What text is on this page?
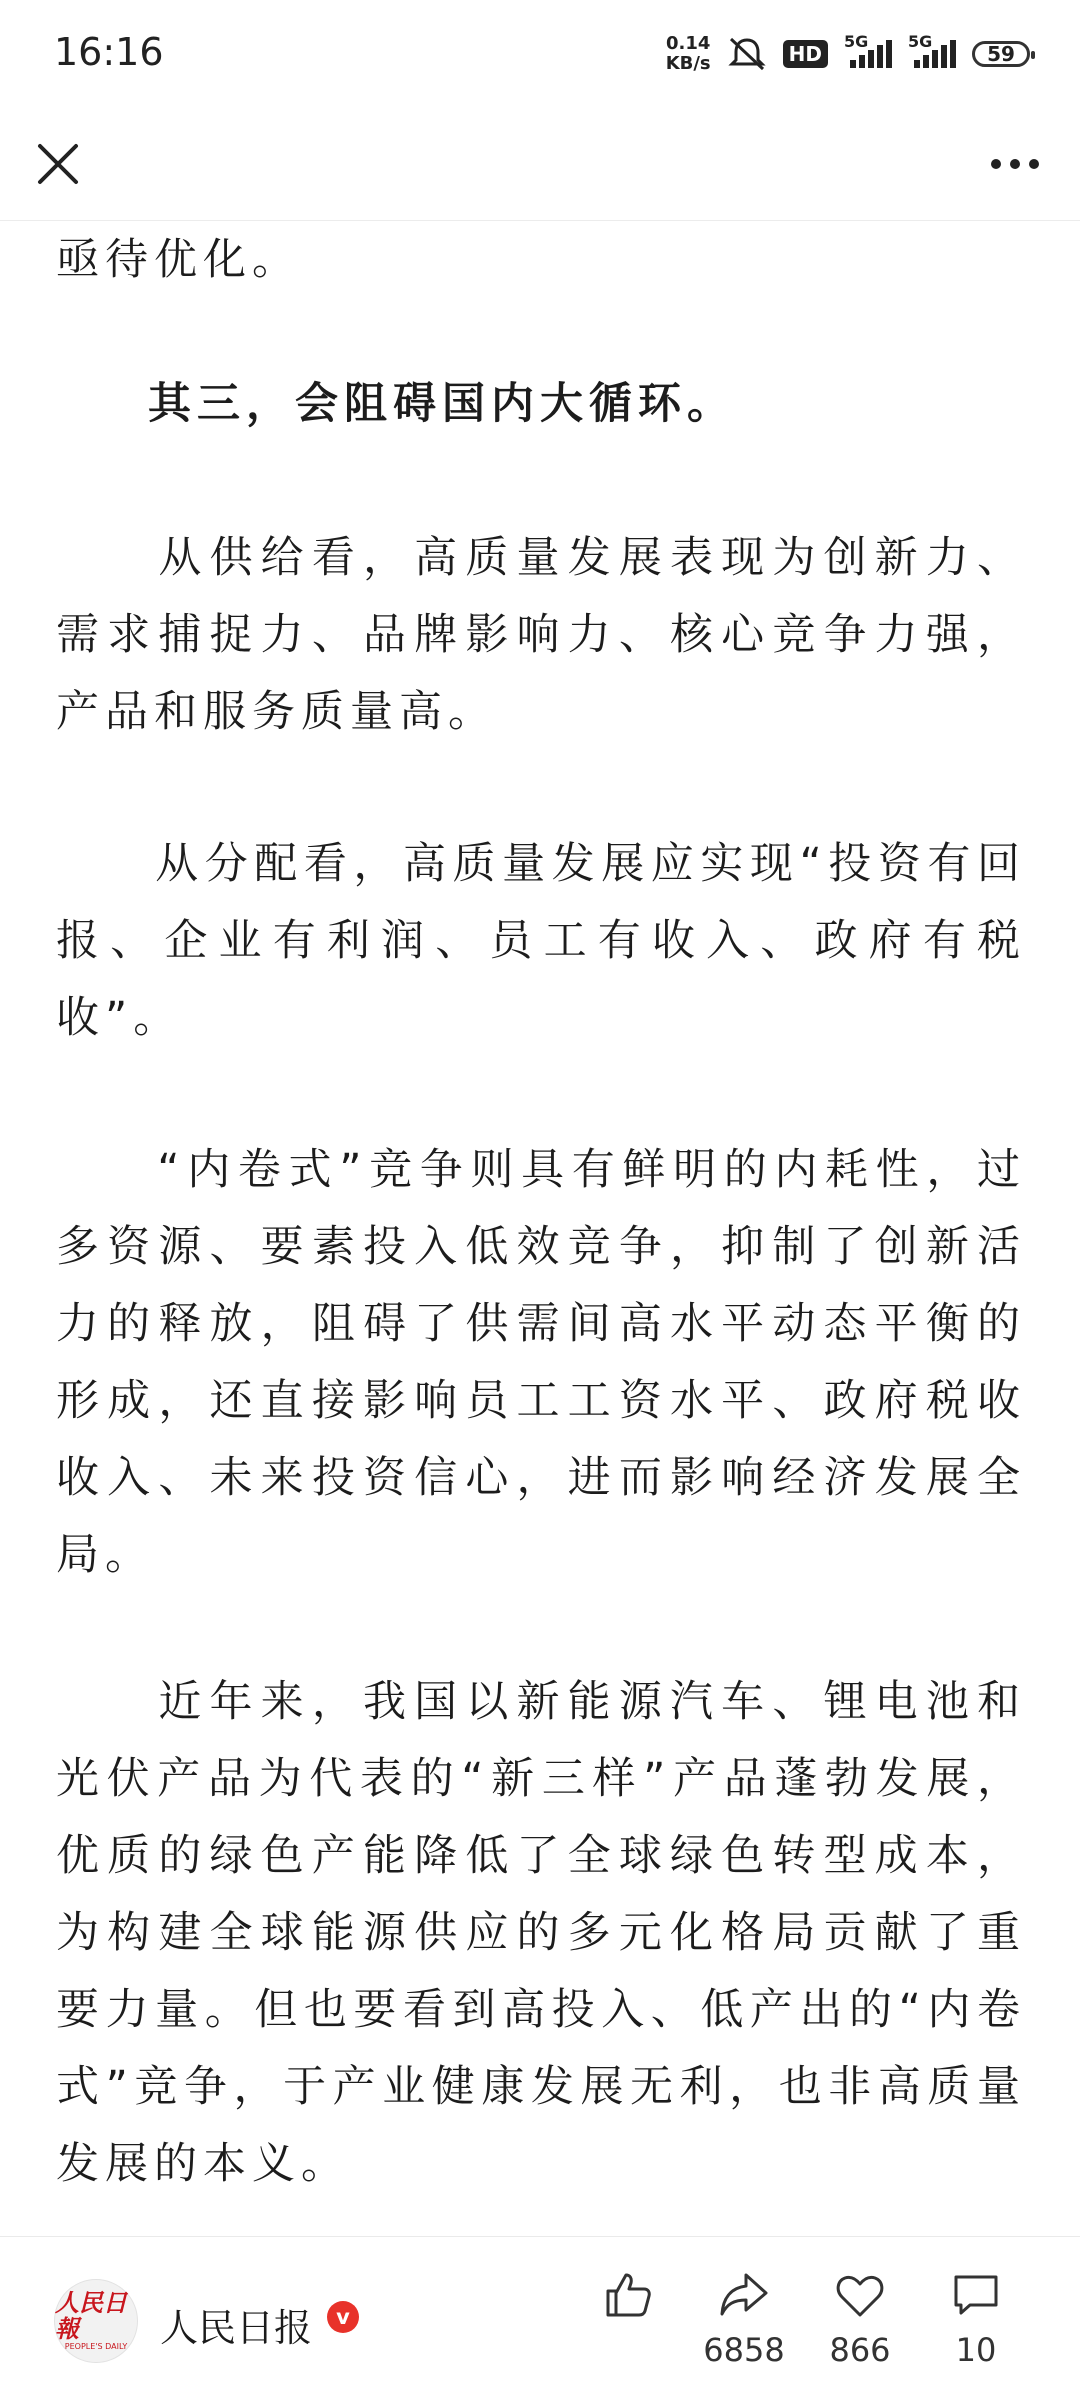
16:16	0.14
KB/s	HD
5G 5G
59

亟待优化。

其三，会阻碍国内大循环。

　　从供给看，高质量发展表现为创新力、需求捕捉力、品牌影响力、核心竞争力强，产品和服务质量高。

　　从分配看，高质量发展应实现“投资有回报、企业有利润、员工有收入、政府有税收”。

　　“内卷式”竞争则具有鲜明的内耗性，过多资源、要素投入低效竞争，抑制了创新活力的释放，阻碍了供需间高水平动态平衡的形成，还直接影响员工工资水平、政府税收收入、未来投资信心，进而影响经济发展全局。

　　近年来，我国以新能源汽车、锂电池和光伏产品为代表的“新三样”产品蓬勃发展，优质的绿色产能降低了全球绿色转型成本，为构建全球能源供应的多元化格局贡献了重要力量。但也要看到高投入、低产出的“内卷式”竞争，于产业健康发展无利，也非高质量发展的本义。

人民日報
PEOPLE'S DAILY 人民日报	v
6858	866	10
